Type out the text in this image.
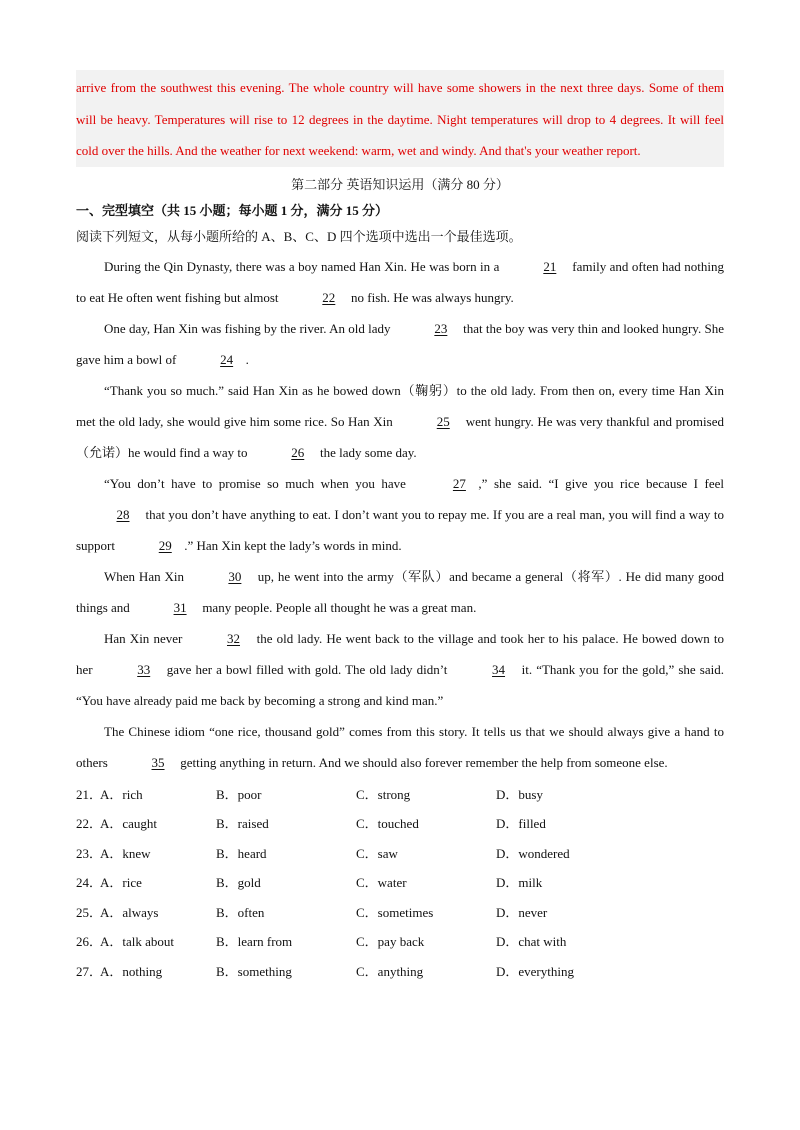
arrive from the southwest this evening. The whole country will have some showers in the next three days. Some of them will be heavy. Temperatures will rise to 12 degrees in the daytime. Night temperatures will drop to 4 degrees. It will feel cold over the hills. And the weather for next weekend: warm, wet and windy. And that's your weather report.

第二部分 英语知识运用（满分 80 分）
一、完型填空（共 15 小题；每小题 1 分，满分 15 分）
阅读下列短文，从每小题所给的 A、B、C、D 四个选项中选出一个最佳选项。

During the Qin Dynasty, there was a boy named Han Xin. He was born in a	21 family and often had nothing to eat He often went fishing but almost	22 no fish. He was always hungry.

One day, Han Xin was fishing by the river. An old lady	23 that the boy was very thin and looked hungry. She gave him a bowl of	24 .

“Thank you so much.” said Han Xin as he bowed down（鞠躬）to the old lady. From then on, every time Han Xin met the old lady, she would give him some rice. So Han Xin	25 went hungry. He was very thankful and promised（允诺）he would find a way to	26 the lady some day.

“You don’t have to promise so much when you have	27 ,” she said. “I give you rice because I feel 28 that you don’t have anything to eat. I don’t want you to repay me. If you are a real man, you will find a way to support	29 .” Han Xin kept the lady’s words in mind.

When Han Xin	30 up, he went into the army（军队）and became a general（将军）. He did many good things and	31 many people. People all thought he was a great man.

Han Xin never	32 the old lady. He went back to the village and took her to his palace. He bowed down to her	33 gave her a bowl filled with gold. The old lady didn’t	34 it. “Thank you for the gold,” she said. “You have already paid me back by becoming a strong and kind man.”

The Chinese idiom “one rice, thousand gold” comes from this story. It tells us that we should always give a hand to others	35 getting anything in return. And we should also forever remember the help from someone else.

21．
A．rich	B．poor	C．strong	D．busy
22．
A．caught	B．raised	C．touched	D．filled
23．
A．knew	B．heard	C．saw	D．wondered
24．
A．rice	B．gold	C．water	D．milk
25．
A．always	B．often	C．sometimes	D．never
26．
A．talk about	B．learn from	C．pay back	D．chat with
27．
A．nothing	B．something	C．anything	D．everything
